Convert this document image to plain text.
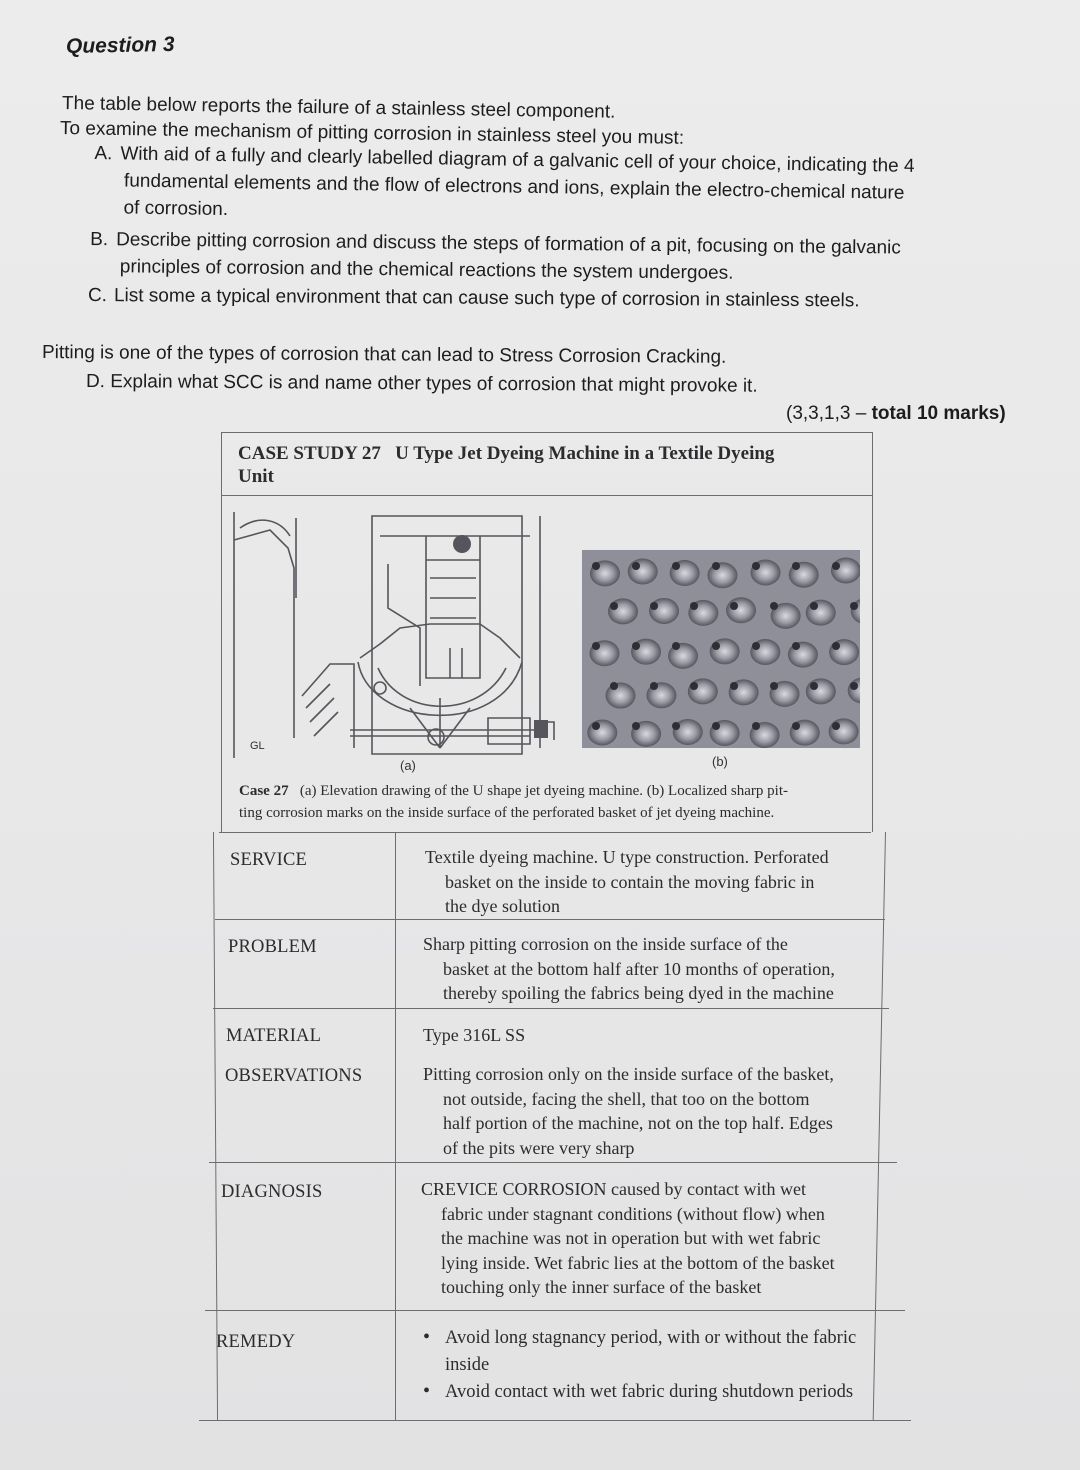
Question 3
The table below reports the failure of a stainless steel component.
To examine the mechanism of pitting corrosion in stainless steel you must:
A. With aid of a fully and clearly labelled diagram of a galvanic cell of your choice, indicating the 4
fundamental elements and the flow of electrons and ions, explain the electro-chemical nature
of corrosion.
B. Describe pitting corrosion and discuss the steps of formation of a pit, focusing on the galvanic
principles of corrosion and the chemical reactions the system undergoes.
C. List some a typical environment that can cause such type of corrosion in stainless steels.
Pitting is one of the types of corrosion that can lead to Stress Corrosion Cracking.
D. Explain what SCC is and name other types of corrosion that might provoke it.
(3,3,1,3 – total 10 marks)
CASE STUDY 27   U Type Jet Dyeing Machine in a Textile Dyeing
Unit
GL
(a)	(b)
Case 27 (a) Elevation drawing of the U shape jet dyeing machine. (b) Localized sharp pit-
ting corrosion marks on the inside surface of the perforated basket of jet dyeing machine.
SERVICE	Textile dyeing machine. U type construction. Perforated
basket on the inside to contain the moving fabric in
the dye solution
PROBLEM	Sharp pitting corrosion on the inside surface of the
basket at the bottom half after 10 months of operation,
thereby spoiling the fabrics being dyed in the machine
MATERIAL	Type 316L SS
OBSERVATIONS	Pitting corrosion only on the inside surface of the basket,
not outside, facing the shell, that too on the bottom
half portion of the machine, not on the top half. Edges
of the pits were very sharp
DIAGNOSIS	CREVICE CORROSION caused by contact with wet
fabric under stagnant conditions (without flow) when
the machine was not in operation but with wet fabric
lying inside. Wet fabric lies at the bottom of the basket
touching only the inner surface of the basket
REMEDY
•	Avoid long stagnancy period, with or without the fabric
inside
• Avoid contact with wet fabric during shutdown periods
